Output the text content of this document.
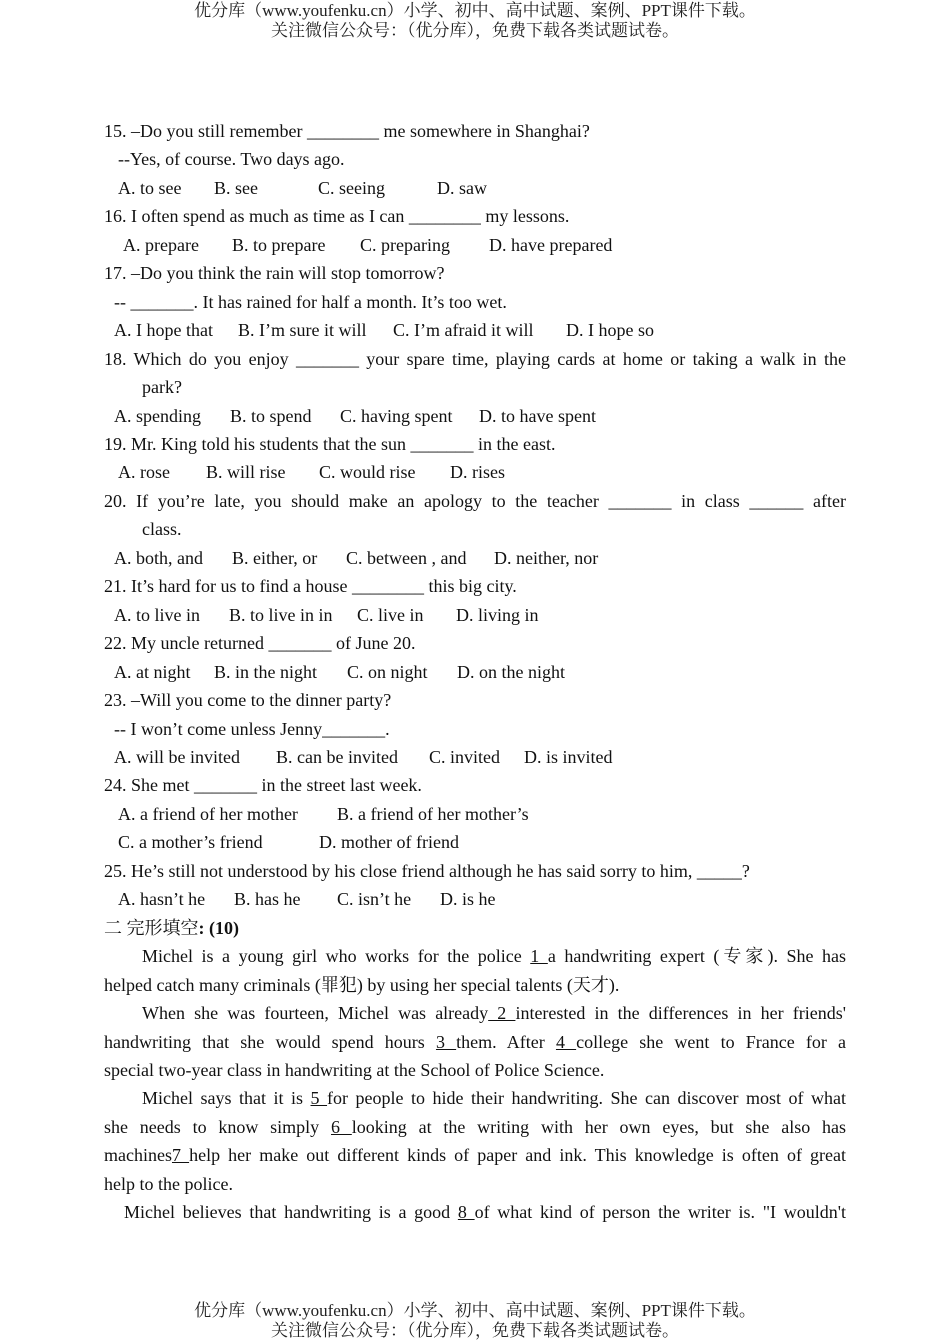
优分库（www.youfenku.cn）小学、初中、高中试题、案例、PPT课件下载。
关注微信公众号：（优分库），免费下载各类试题试卷。
15. –Do you still remember ________ me somewhere in Shanghai?
--Yes, of course. Two days ago.
A. to see B. see	C. seeing	D. saw
16. I often spend as much as time as I can ________ my lessons.
A. prepare B. to prepare C. preparing D. have prepared
17. –Do you think the rain will stop tomorrow?
-- _______. It has rained for half a month. It’s too wet.
A. I hope that B. I’m sure it will C. I’m afraid it will D. I hope so
18. Which do you enjoy _______ your spare time, playing cards at home or taking a walk in the
park?
A. spending B. to spend C. having spent D. to have spent
19. Mr. King told his students that the sun _______ in the east.
A. rose B. will rise C. would rise D. rises
20. If you’re late, you should make an apology to the teacher _______ in class ______ after
class.
A. both, and B. either, or C. between , and D. neither, nor
21. It’s hard for us to find a house ________ this big city.
A. to live in B. to live in in C. live in D. living in
22. My uncle returned _______ of June 20.
A. at night B. in the night C. on night D. on the night
23. –Will you come to the dinner party?
-- I won’t come unless Jenny_______.
A. will be invited B. can be invited C. invited D. is invited
24. She met _______ in the street last week.
A. a friend of her mother B. a friend of her mother’s
C. a mother’s friend	D. mother of friend
25. He’s still not understood by his close friend although he has said sorry to him, _____?
A. hasn’t he B. has he C. isn’t he D. is he
二 完形填空: (10)
Michel is a young girl who works for the police 1 a handwriting expert (专家). She has
helped catch many criminals (罪犯) by using her special talents (天才).
When she was fourteen, Michel was already 2 interested in the differences in her friends'
handwriting that she would spend hours 3 them. After 4 college she went to France for a
special two-year class in handwriting at the School of Police Science.
Michel says that it is 5 for people to hide their handwriting. She can discover most of what
she needs to know simply 6 looking at the writing with her own eyes, but she also has
machines7 help her make out different kinds of paper and ink. This knowledge is often of great
help to the police.
Michel believes that handwriting is a good 8 of what kind of person the writer is. "I wouldn't
优分库（www.youfenku.cn）小学、初中、高中试题、案例、PPT课件下载。
关注微信公众号：（优分库），免费下载各类试题试卷。
